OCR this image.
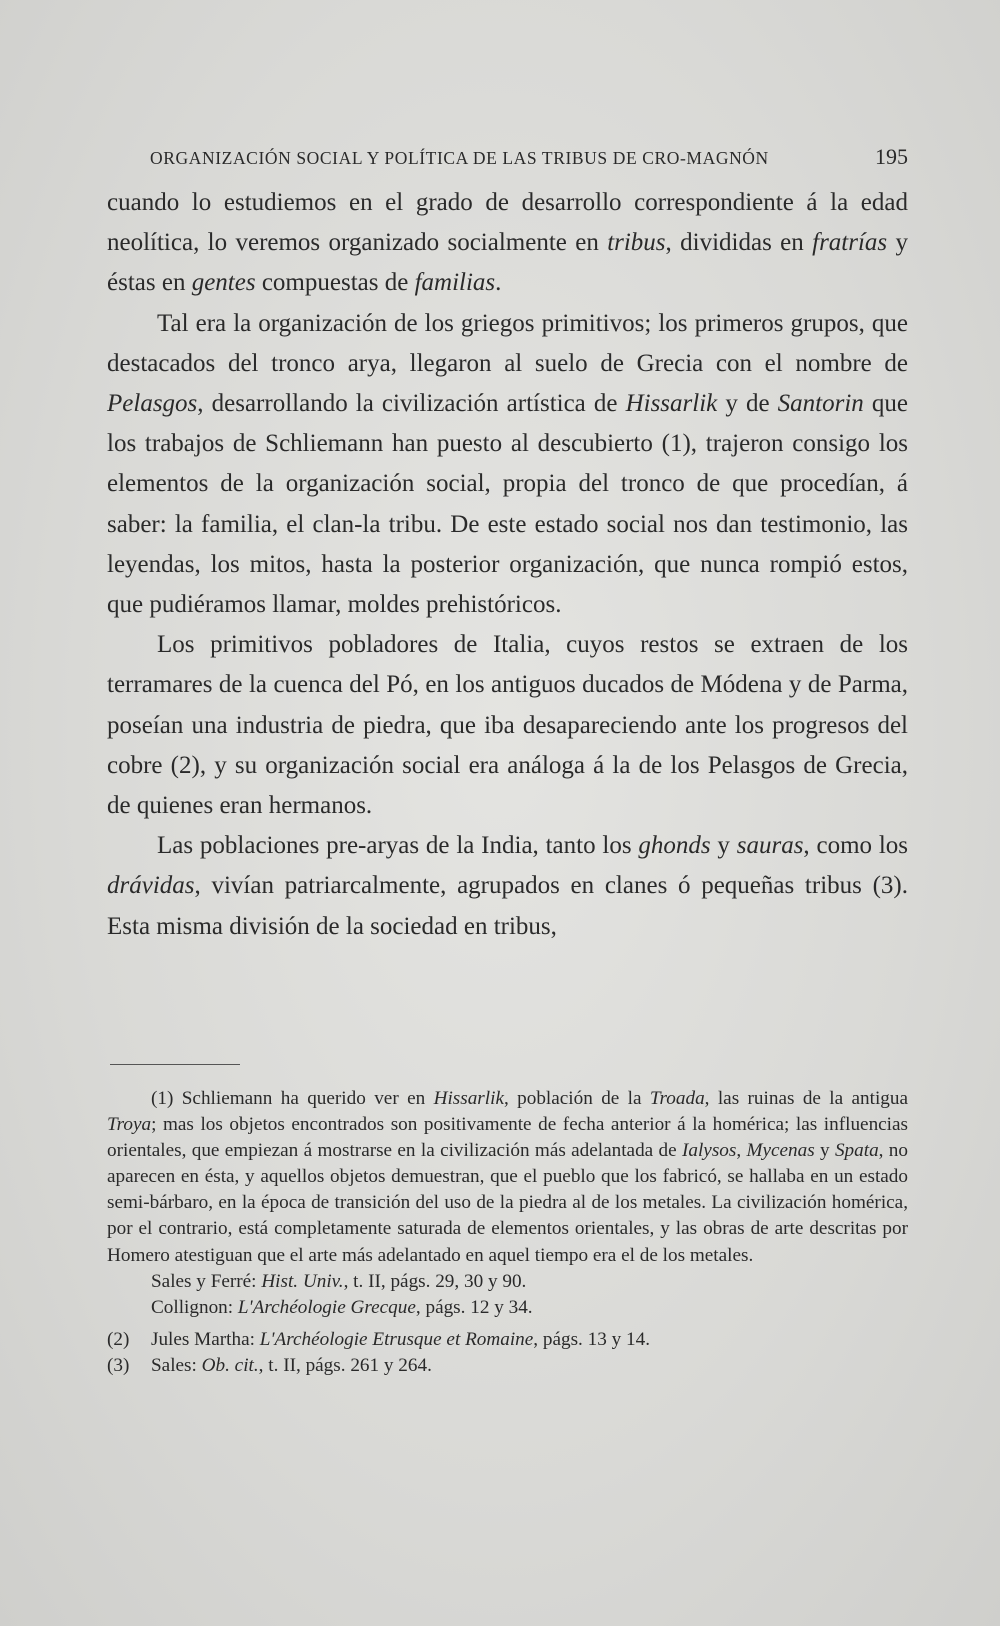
ORGANIZACIÓN SOCIAL Y POLÍTICA DE LAS TRIBUS DE CRO-MAGNÓN	195

cuando lo estudiemos en el grado de desarrollo correspondiente á la edad neolítica, lo veremos organizado socialmente en tribus, divididas en fratrías y éstas en gentes compuestas de familias.

Tal era la organización de los griegos primitivos; los primeros grupos, que destacados del tronco arya, llegaron al suelo de Grecia con el nombre de Pelasgos, desarrollando la civilización artística de Hissarlik y de Santorin que los trabajos de Schliemann han puesto al descubierto (1), trajeron consigo los elementos de la organización social, propia del tronco de que procedían, á saber: la familia, el clan-la tribu. De este estado social nos dan testimonio, las leyendas, los mitos, hasta la posterior organización, que nunca rompió estos, que pudiéramos llamar, moldes prehistóricos.

Los primitivos pobladores de Italia, cuyos restos se extraen de los terramares de la cuenca del Pó, en los antiguos ducados de Módena y de Parma, poseían una industria de piedra, que iba desapareciendo ante los progresos del cobre (2), y su organización social era análoga á la de los Pelasgos de Grecia, de quienes eran hermanos.

Las poblaciones pre-aryas de la India, tanto los ghonds y sauras, como los drávidas, vivían patriarcalmente, agrupados en clanes ó pequeñas tribus (3). Esta misma división de la sociedad en tribus,

(1) Schliemann ha querido ver en Hissarlik, población de la Troada, las ruinas de la antigua Troya; mas los objetos encontrados son positivamente de fecha anterior á la homérica; las influencias orientales, que empiezan á mostrarse en la civilización más adelantada de Ialysos, Mycenas y Spata, no aparecen en ésta, y aquellos objetos demuestran, que el pueblo que los fabricó, se hallaba en un estado semi-bárbaro, en la época de transición del uso de la piedra al de los metales. La civilización homérica, por el contrario, está completamente saturada de elementos orientales, y las obras de arte descritas por Homero atestiguan que el arte más adelantado en aquel tiempo era el de los metales.

Sales y Ferré: Hist. Univ., t. II, págs. 29, 30 y 90.

Collignon: L'Archéologie Grecque, págs. 12 y 34.

(2) Jules Martha: L'Archéologie Etrusque et Romaine, págs. 13 y 14.

(3) Sales: Ob. cit., t. II, págs. 261 y 264.
